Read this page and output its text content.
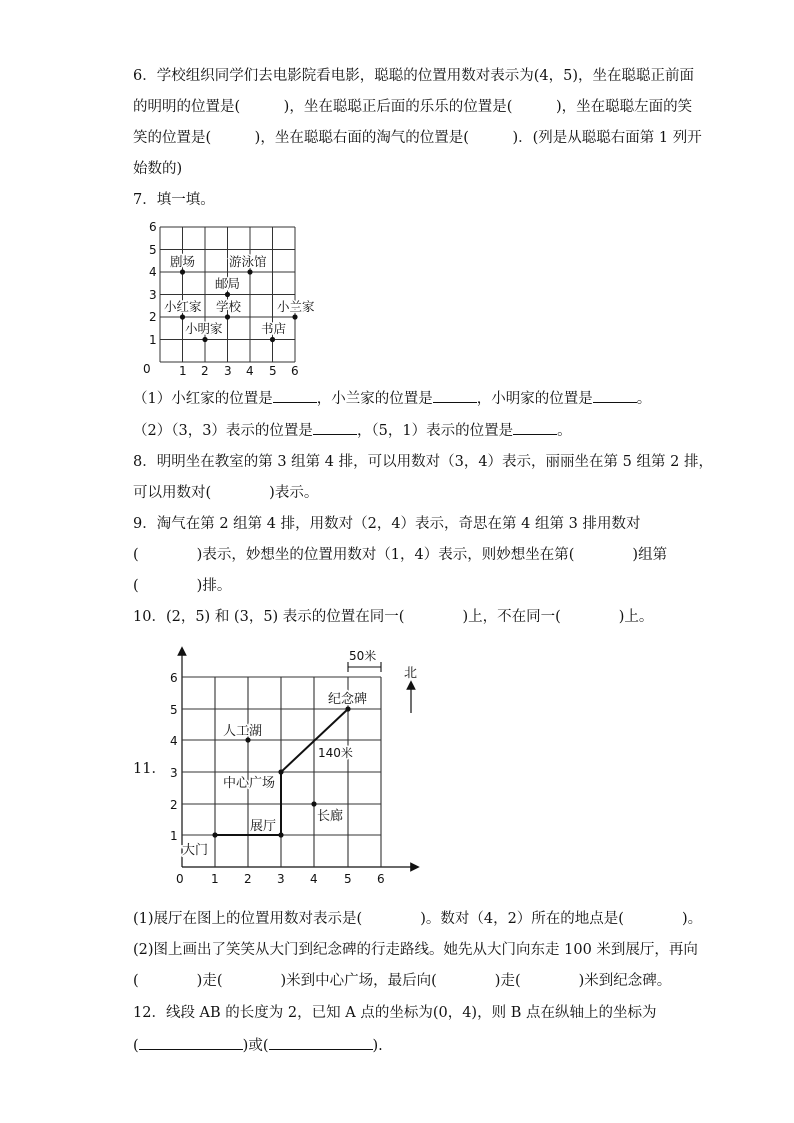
6．学校组织同学们去电影院看电影，聪聪的位置用数对表示为(4，5)，坐在聪聪正前面
的明明的位置是(　　　)，坐在聪聪正后面的乐乐的位置是(　　　)，坐在聪聪左面的笑
笑的位置是(　　　)，坐在聪聪右面的淘气的位置是(　　　)．(列是从聪聪右面第 1 列开
始数的)
7．填一填。
6
5
4
3
2
1
0 1 2 3 4 5 6
剧场	游泳馆
邮局
小红家 学校	小兰家
小明家	书店
（1）小红家的位置是	，小兰家的位置是	，小明家的位置是	。
（2）（3，3）表示的位置是	，（5，1）表示的位置是	。
8．明明坐在教室的第 3 组第 4 排，可以用数对（3，4）表示，丽丽坐在第 5 组第 2 排，
可以用数对(　　　　)表示。
9．淘气在第 2 组第 4 排，用数对（2，4）表示，奇思在第 4 组第 3 排用数对
(　　　　)表示，妙想坐的位置用数对（1，4）表示，则妙想坐在第(　　　　)组第
(　　　　)排。
10．(2，5) 和 (3，5) 表示的位置在同一(　　　　)上，不在同一(　　　　)上。
11．
6
5
4
3
2
1
0 1 2 3 4 5 6
50米
北
纪念碑
人工湖
140米
中心广场
长廊
展厅
大门
(1)展厅在图上的位置用数对表示是(　　　　)。数对（4，2）所在的地点是(　　　　)。
(2)图上画出了笑笑从大门到纪念碑的行走路线。她先从大门向东走 100 米到展厅，再向
(　　　　)走(　　　　)米到中心广场，最后向(　　　　)走(　　　　)米到纪念碑。
12．线段 AB 的长度为 2，已知 A 点的坐标为(0，4)，则 B 点在纵轴上的坐标为
(	)或(	).
